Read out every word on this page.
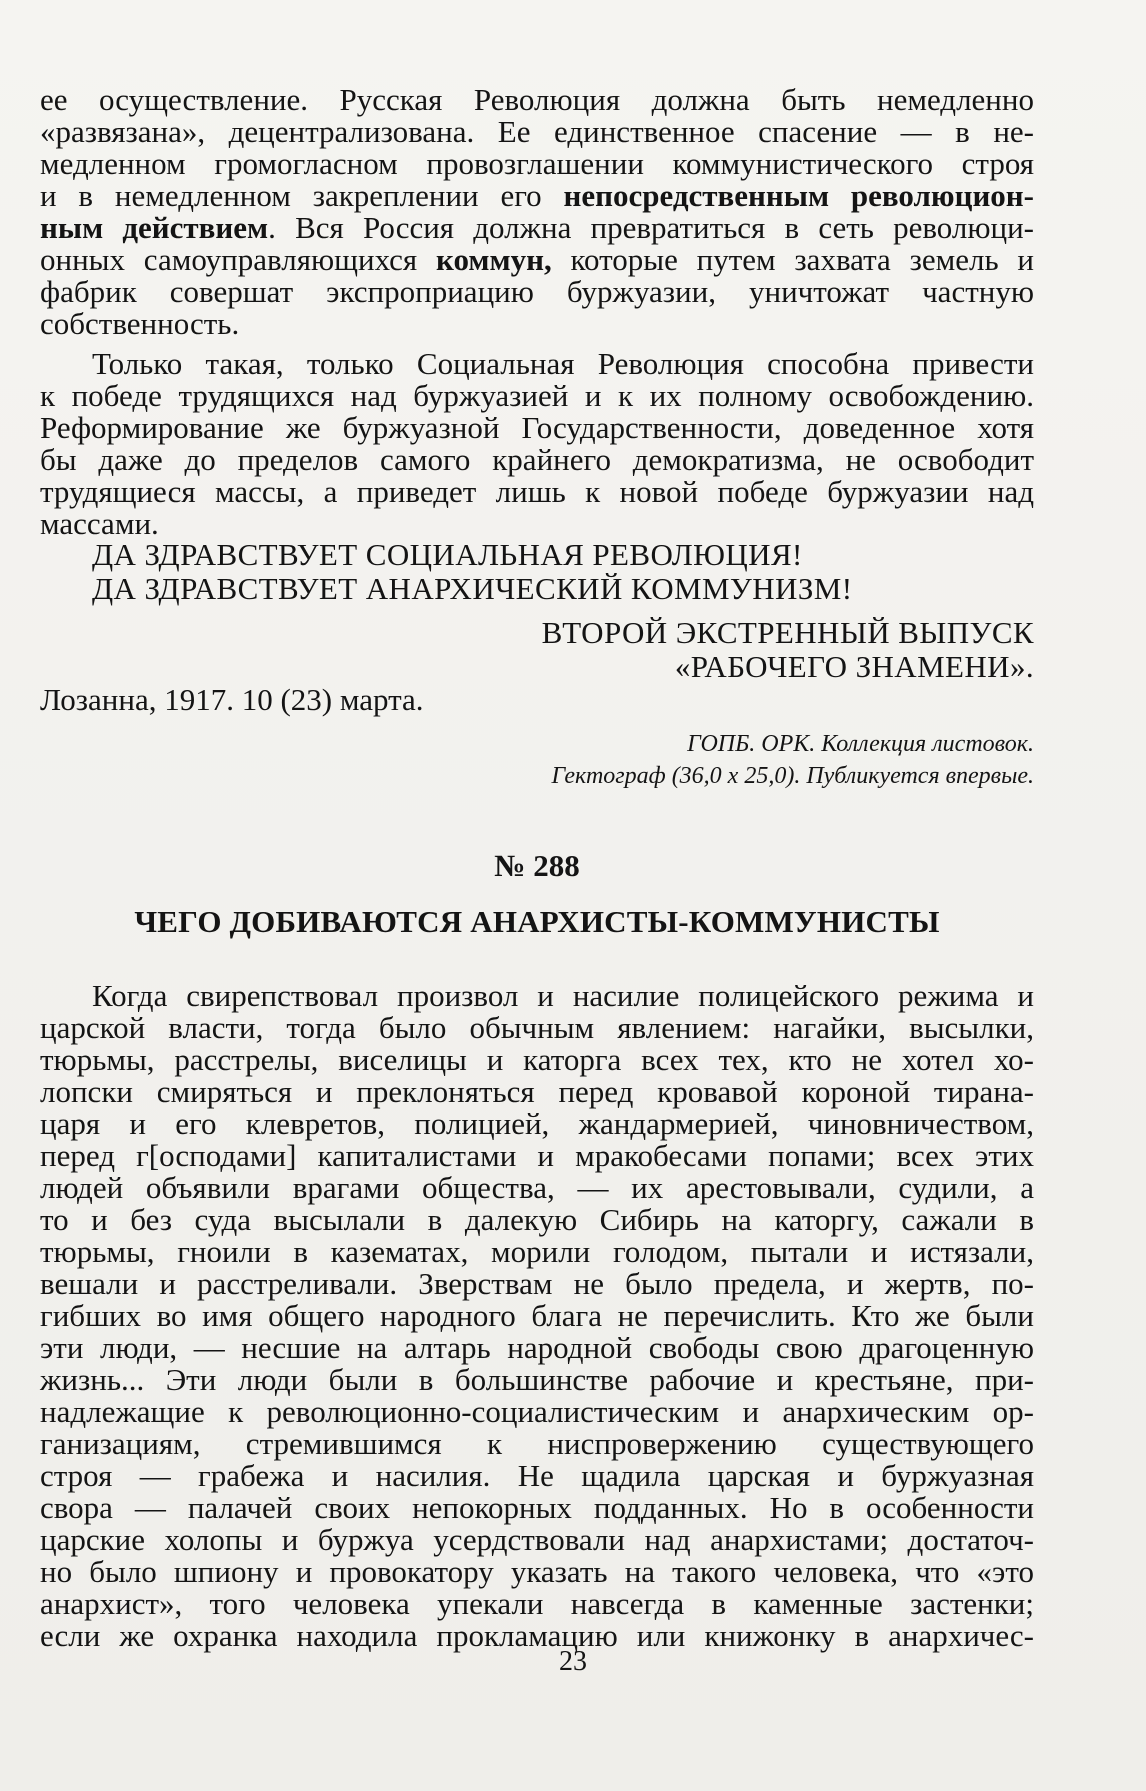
ее осуществление. Русская Революция должна быть немедленно
«развязана», децентрализована. Ее единственное спасение — в не-
медленном громогласном провозглашении коммунистического строя
и в немедленном закреплении его непосредственным революцион-
ным действием. Вся Россия должна превратиться в сеть революци-
онных самоуправляющихся коммун, которые путем захвата земель и
фабрик совершат экспроприацию буржуазии, уничтожат частную
собственность.
Только такая, только Социальная Революция способна привести
к победе трудящихся над буржуазией и к их полному освобождению.
Реформирование же буржуазной Государственности, доведенное хотя
бы даже до пределов самого крайнего демократизма, не освободит
трудящиеся массы, а приведет лишь к новой победе буржуазии над
массами.
ДА ЗДРАВСТВУЕТ СОЦИАЛЬНАЯ РЕВОЛЮЦИЯ!
ДА ЗДРАВСТВУЕТ АНАРХИЧЕСКИЙ КОММУНИЗМ!
ВТОРОЙ ЭКСТРЕННЫЙ ВЫПУСК
«РАБОЧЕГО ЗНАМЕНИ».
Лозанна, 1917. 10 (23) марта.
ГОПБ. ОРК. Коллекция листовок.
Гектограф (36,0 х 25,0). Публикуется впервые.
№ 288
ЧЕГО ДОБИВАЮТСЯ АНАРХИСТЫ-КОММУНИСТЫ
Когда свирепствовал произвол и насилие полицейского режима и
царской власти, тогда было обычным явлением: нагайки, высылки,
тюрьмы, расстрелы, виселицы и каторга всех тех, кто не хотел хо-
лопски смиряться и преклоняться перед кровавой короной тирана-
царя и его клевретов, полицией, жандармерией, чиновничеством,
перед г[осподами] капиталистами и мракобесами попами; всех этих
людей объявили врагами общества, — их арестовывали, судили, а
то и без суда высылали в далекую Сибирь на каторгу, сажали в
тюрьмы, гноили в казематах, морили голодом, пытали и истязали,
вешали и расстреливали. Зверствам не было предела, и жертв, по-
гибших во имя общего народного блага не перечислить. Кто же были
эти люди, — несшие на алтарь народной свободы свою драгоценную
жизнь... Эти люди были в большинстве рабочие и крестьяне, при-
надлежащие к революционно-социалистическим и анархическим ор-
ганизациям, стремившимся к ниспровержению существующего
строя — грабежа и насилия. Не щадила царская и буржуазная
свора — палачей своих непокорных подданных. Но в особенности
царские холопы и буржуа усердствовали над анархистами; достаточ-
но было шпиону и провокатору указать на такого человека, что «это
анархист», того человека упекали навсегда в каменные застенки;
если же охранка находила прокламацию или книжонку в анархичес-
23
